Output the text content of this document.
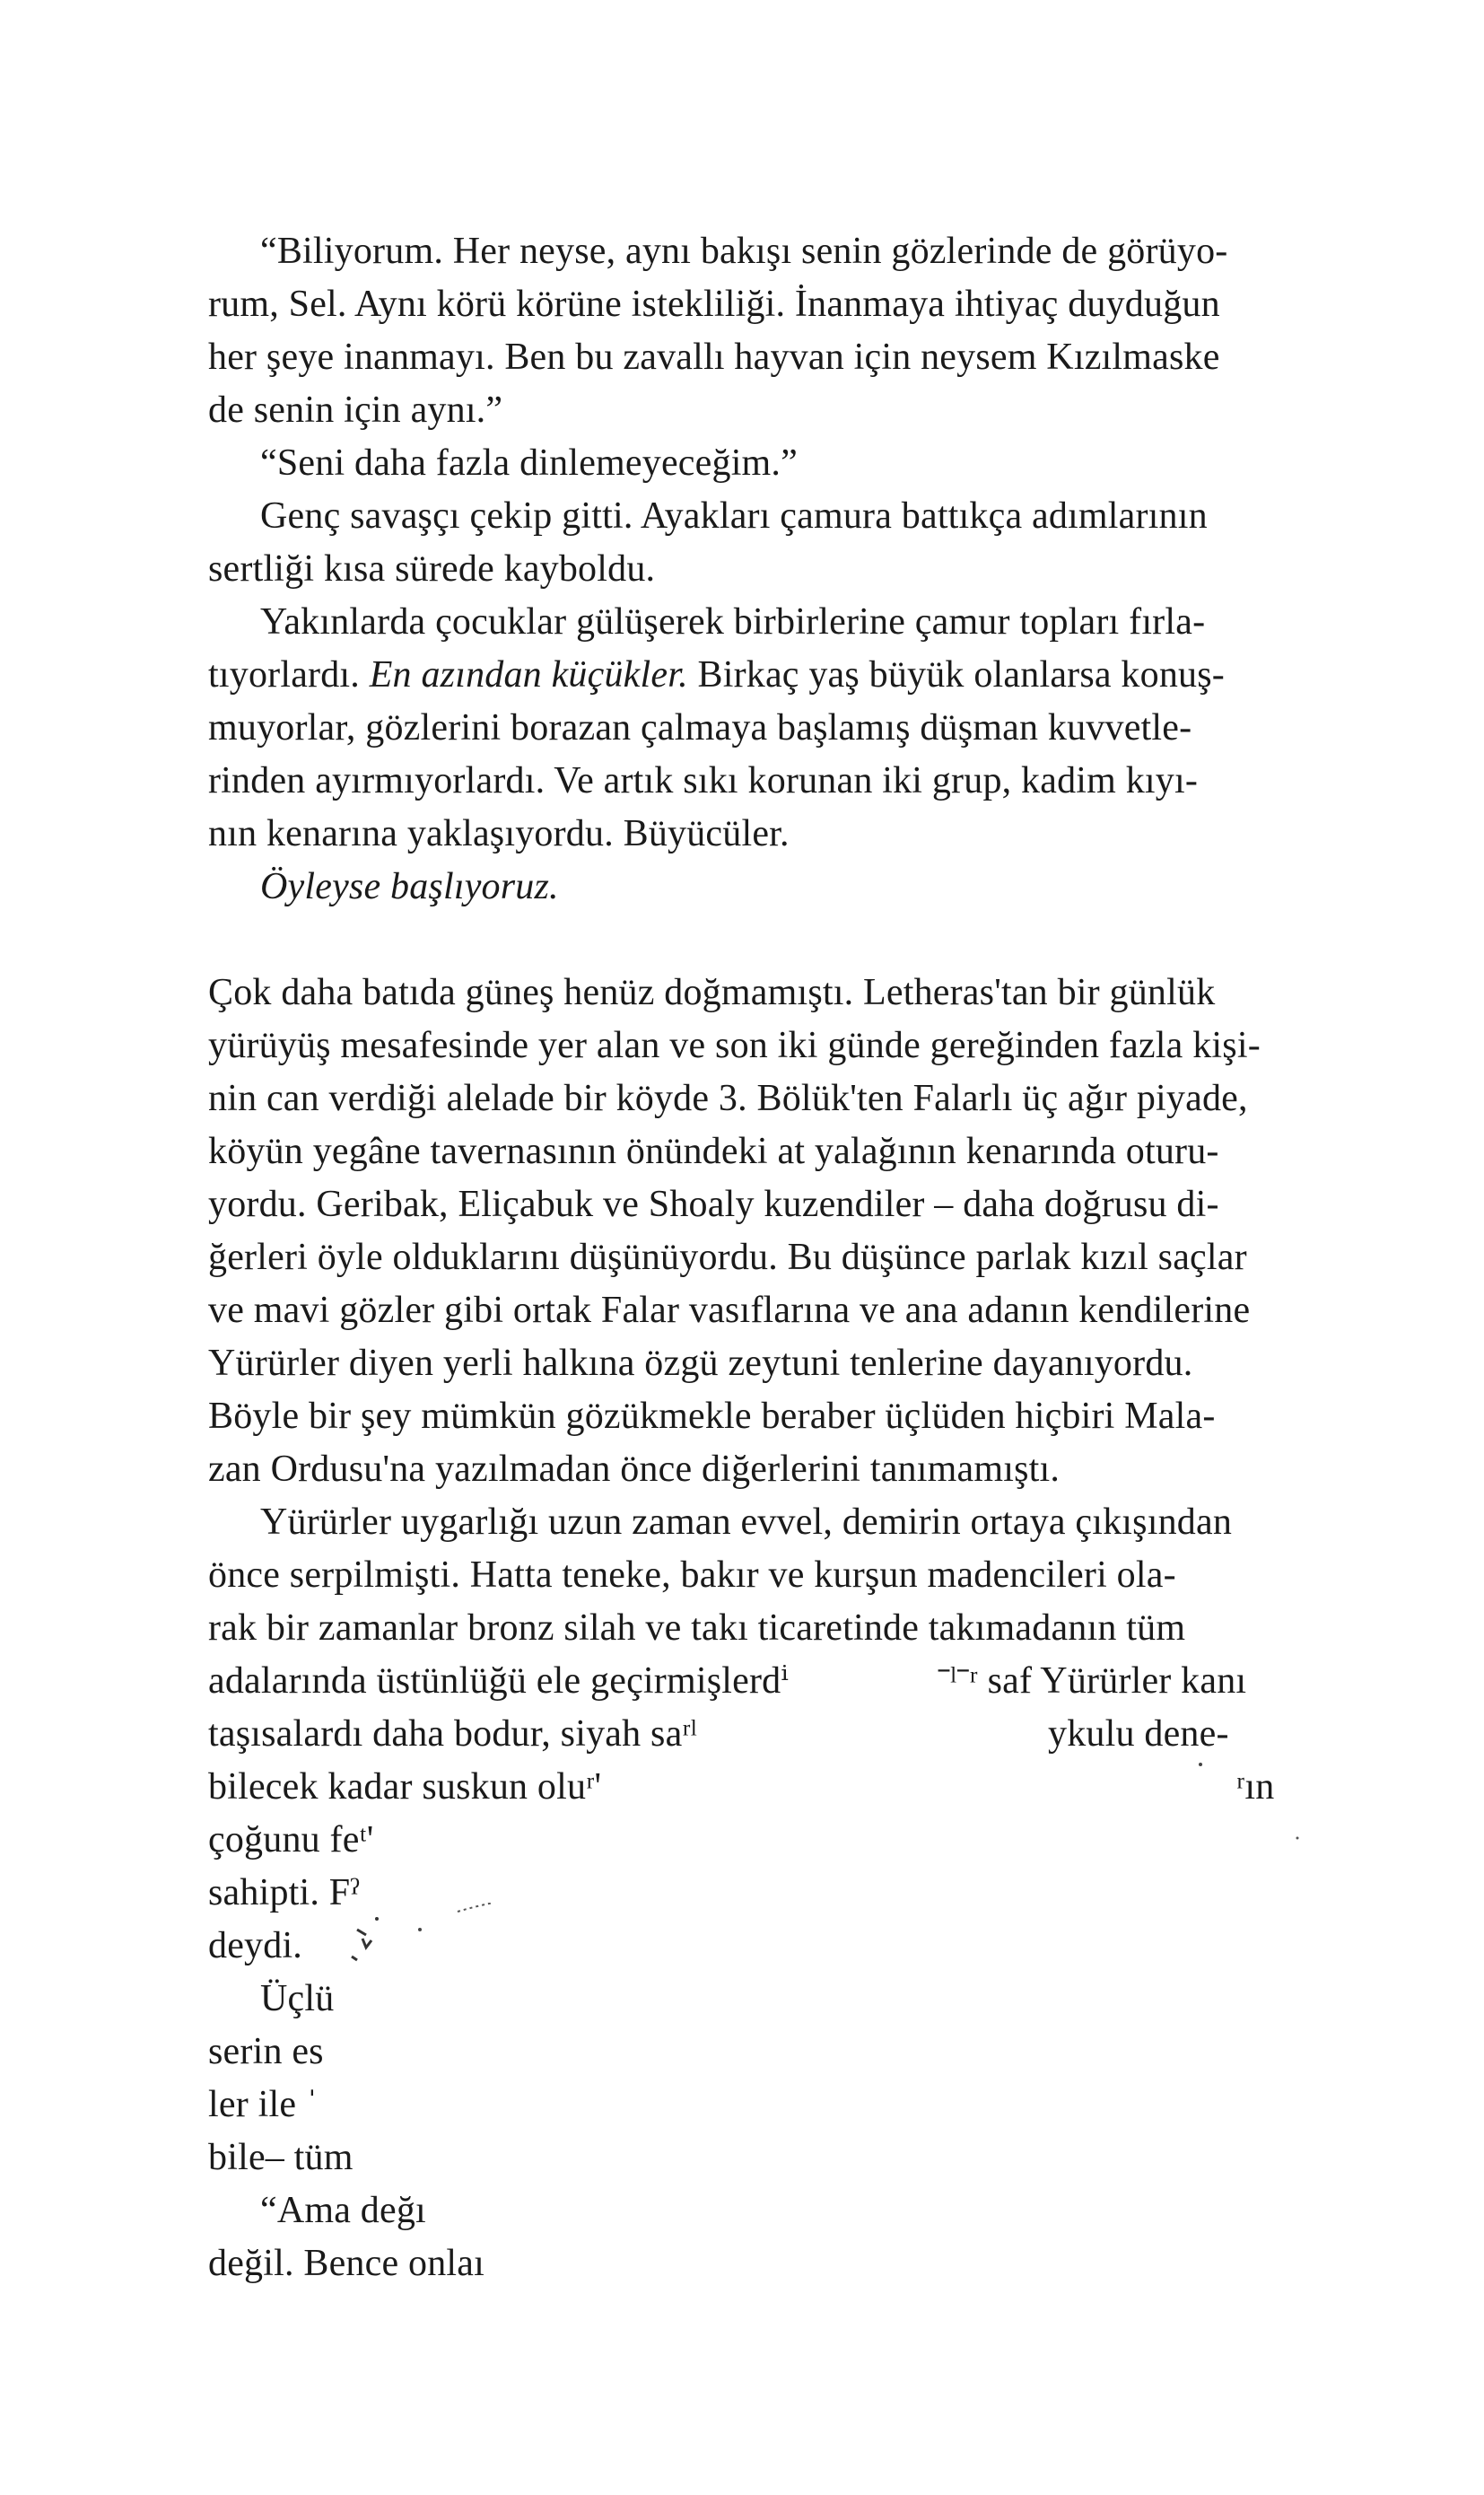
“Biliyorum. Her neyse, aynı bakışı senin gözlerinde de görüyo-
rum, Sel. Aynı körü körüne istekliliği. İnanmaya ihtiyaç duyduğun
her şeye inanmayı. Ben bu zavallı hayvan için neysem Kızılmaske
de senin için aynı.”
“Seni daha fazla dinlemeyeceğim.”
Genç savaşçı çekip gitti. Ayakları çamura battıkça adımlarının
sertliği kısa sürede kayboldu.
Yakınlarda çocuklar gülüşerek birbirlerine çamur topları fırla-
tıyorlardı. En azından küçükler. Birkaç yaş büyük olanlarsa konuş-
muyorlar, gözlerini borazan çalmaya başlamış düşman kuvvetle-
rinden ayırmıyorlardı. Ve artık sıkı korunan iki grup, kadim kıyı-
nın kenarına yaklaşıyordu. Büyücüler.
Öyleyse başlıyoruz.
Çok daha batıda güneş henüz doğmamıştı. Letheras'tan bir günlük
yürüyüş mesafesinde yer alan ve son iki günde gereğinden fazla kişi-
nin can verdiği alelade bir köyde 3. Bölük'ten Falarlı üç ağır piyade,
köyün yegâne tavernasının önündeki at yalağının kenarında oturu-
yordu. Geribak, Eliçabuk ve Shoaly kuzendiler – daha doğrusu di-
ğerleri öyle olduklarını düşünüyordu. Bu düşünce parlak kızıl saçlar
ve mavi gözler gibi ortak Falar vasıflarına ve ana adanın kendilerine
Yürürler diyen yerli halkına özgü zeytuni tenlerine dayanıyordu.
Böyle bir şey mümkün gözükmekle beraber üçlüden hiçbiri Mala-
zan Ordusu'na yazılmadan önce diğerlerini tanımamıştı.
Yürürler uygarlığı uzun zaman evvel, demirin ortaya çıkışından
önce serpilmişti. Hatta teneke, bakır ve kurşun madencileri ola-
rak bir zamanlar bronz silah ve takı ticaretinde takımadanın tüm
adalarında üstünlüğü ele geçirmişlerdⁱ	ˉˡˉʳ saf Yürürler kanı
taşısalardı daha bodur, siyah saʳˡ	ykulu dene-
bilecek kadar suskun oluʳ'	ʳın
çoğunu feᵗ'
sahipti. Fˀ
deydi.
Üçlü
serin es
ler ile ˈ
bile– tüm
“Ama değı
değil. Bence onlaı
